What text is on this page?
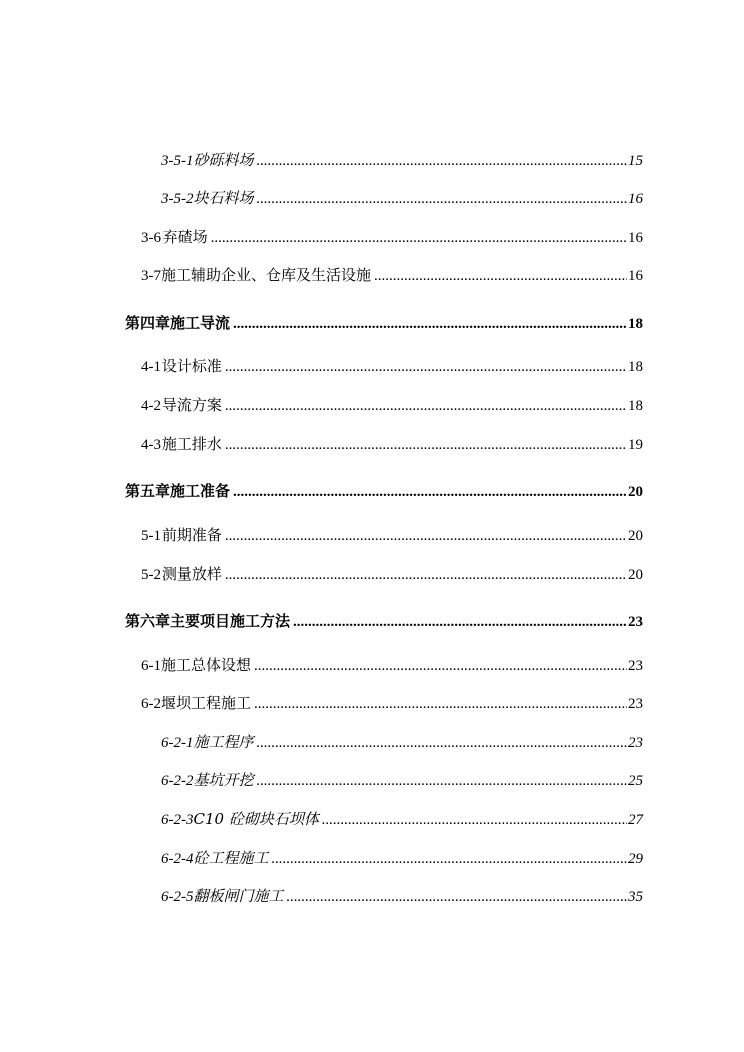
3-5-1 砂砾料场 .....	15
3-5-2 块石料场 .....	16
3-6 弃碴场 .....	16
3-7 施工辅助企业、仓库及生活设施 .....	16
第四章 施工导流 .....	18
4-1 设计标准 .....	18
4-2 导流方案 .....	18
4-3 施工排水 .....	19
第五章 施工准备 .....	20
5-1 前期准备 .....	20
5-2 测量放样 .....	20
第六章 主要项目施工方法 .....	23
6-1 施工总体设想 .....	23
6-2 堰坝工程施工 .....	23
6-2-1 施工程序 .....	23
6-2-2 基坑开挖 .....	25
6-2-3 C10 砼砌块石坝体 .....	27
6-2-4 砼工程施工 .....	29
6-2-5 翻板闸门施工 .....	35
